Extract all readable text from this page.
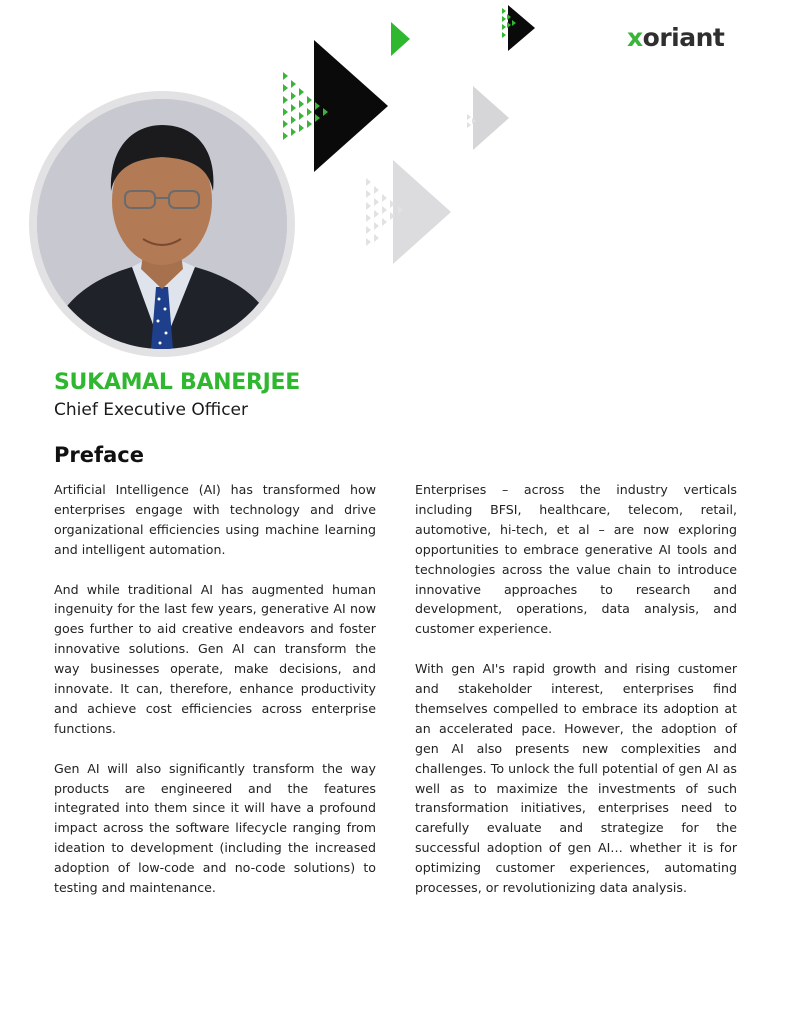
xoriant
SUKAMAL BANERJEE
Chief Executive Officer
Preface

Artificial Intelligence (AI) has transformed how enterprises engage with technology and drive organizational efficiencies using machine learning and intelligent automation.

And while traditional AI has augmented human ingenuity for the last few years, generative AI now goes further to aid creative endeavors and foster innovative solutions. Gen AI can transform the way businesses operate, make decisions, and innovate. It can, therefore, enhance productivity and achieve cost efficiencies across enterprise functions.

Gen AI will also significantly transform the way products are engineered and the features integrated into them since it will have a profound impact across the software lifecycle ranging from ideation to development (including the increased adoption of low-code and no-code solutions) to testing and maintenance.

Enterprises – across the industry verticals including BFSI, healthcare, telecom, retail, automotive, hi-tech, et al – are now exploring opportunities to embrace generative AI tools and technologies across the value chain to introduce innovative approaches to research and development, operations, data analysis, and customer experience.

With gen AI's rapid growth and rising customer and stakeholder interest, enterprises find themselves compelled to embrace its adoption at an accelerated pace. However, the adoption of gen AI also presents new complexities and challenges. To unlock the full potential of gen AI as well as to maximize the investments of such transformation initiatives, enterprises need to carefully evaluate and strategize for the successful adoption of gen AI… whether it is for optimizing customer experiences, automating processes, or revolutionizing data analysis.
